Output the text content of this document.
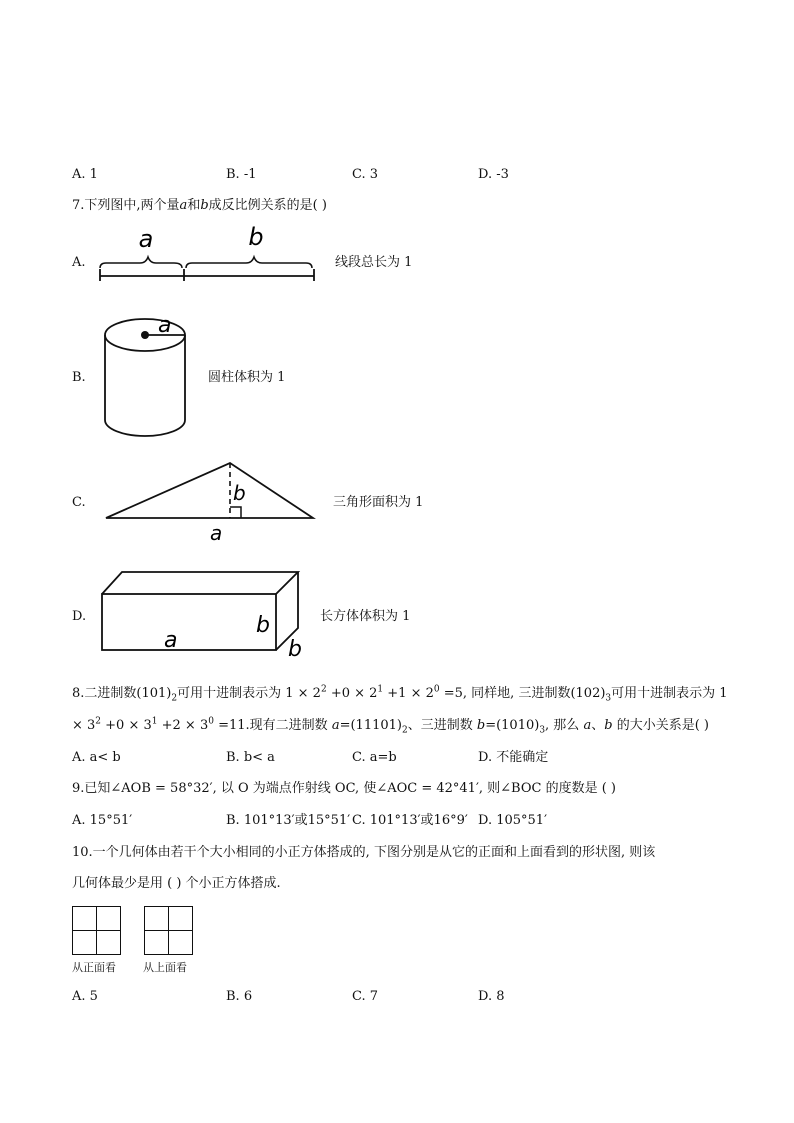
A. 1	B. -1	C. 3	D. -3
7.下列图中,两个量a和b成反比例关系的是( )
A.
a	b
线段总长为 1
B.
a
圆柱体积为 1
C.	b
a
三角形面积为 1
D.
a
b
b
长方体体积为 1
8.二进制数$(101)_2$可用十进制表示为 $1 \times 2^2 +0 \times 2^1 +1 \times 2^0 =5$, 同样地, 三进制数$(102)_3$可用十进制表示为 1
× $3^2 +0 \times 3^1 +2 \times 3^0 =11$.现有二进制数 $a=(11101)_2$、三进制数 $b=(1010)_3$, 那么 a、b 的大小关系是( )
A. a< b	B. b< a	C. a=b	D. 不能确定
9.已知∠AOB = 58°32′, 以 O 为端点作射线 OC, 使∠AOC = 42°41′, 则∠BOC 的度数是 ( )
A. 15°51′	B. 101°13′或15°51′ C. 101°13′或16°9′ D. 105°51′
10.一个几何体由若干个大小相同的小正方体搭成的, 下图分别是从它的正面和上面看到的形状图, 则该
几何体最少是用 ( ) 个小正方体搭成.
从正面看 从上面看
A. 5	B. 6	C. 7	D. 8
